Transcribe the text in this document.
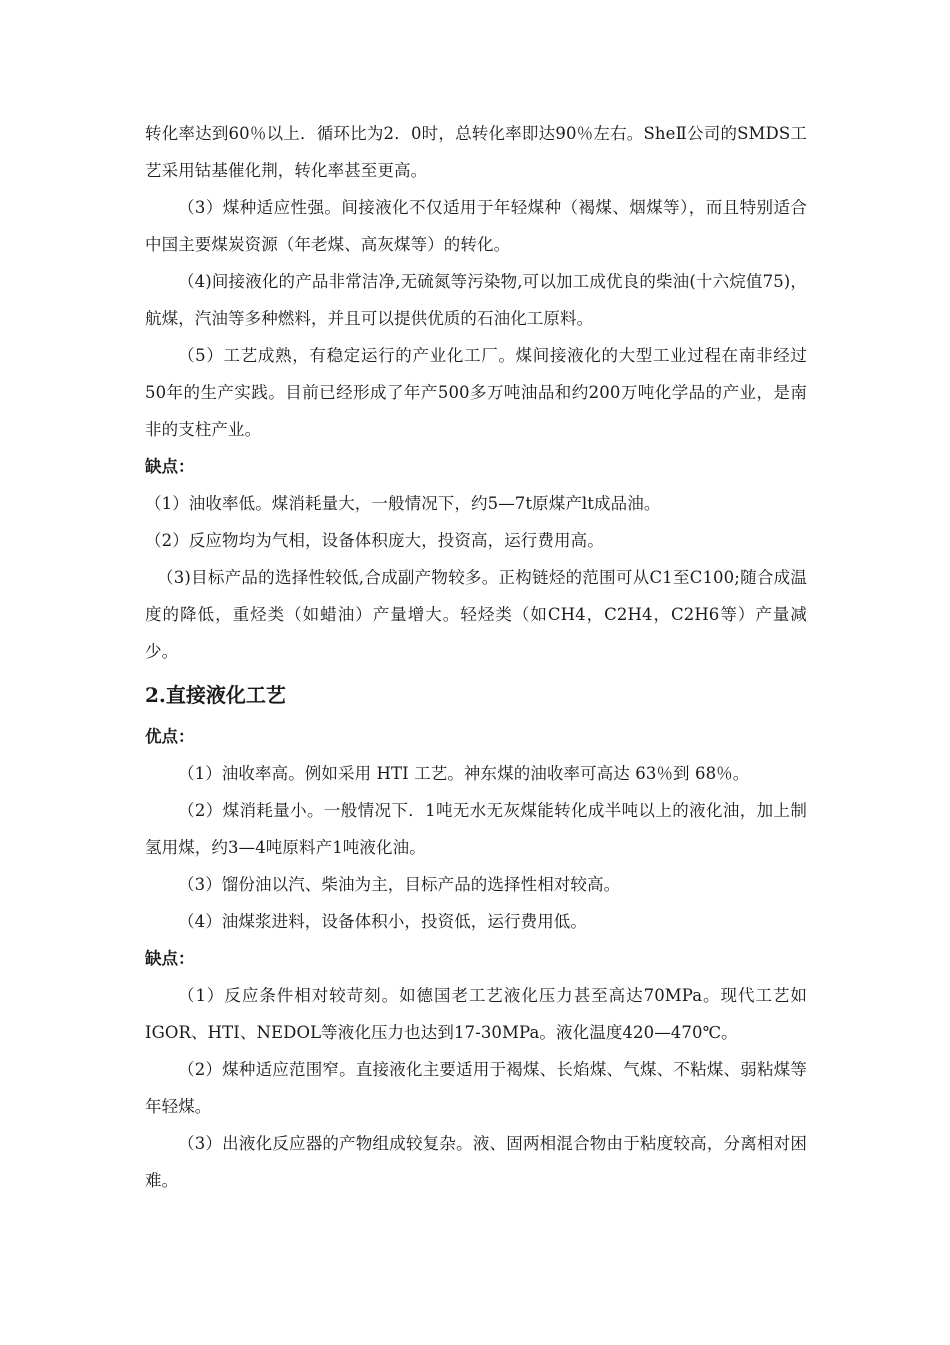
转化率达到60％以上．循环比为2．0时，总转化率即达90％左右。SheⅡ公司的SMDS工艺采用钴基催化荆，转化率甚至更高。

（3）煤种适应性强。间接液化不仅适用于年轻煤种（褐煤、烟煤等），而且特别适合中国主要煤炭资源（年老煤、高灰煤等）的转化。

（4)间接液化的产品非常洁净,无硫氮等污染物,可以加工成优良的柴油(十六烷值75)，航煤，汽油等多种燃料，并且可以提供优质的石油化工原料。

（5）工艺成熟，有稳定运行的产业化工厂。煤间接液化的大型工业过程在南非经过50年的生产实践。目前已经形成了年产500多万吨油品和约200万吨化学品的产业，是南非的支柱产业。

缺点：

（1）油收率低。煤消耗量大，一般情况下，约5—7t原煤产lt成品油。

（2）反应物均为气相，设备体积庞大，投资高，运行费用高。

（3)目标产品的选择性较低,合成副产物较多。正构链烃的范围可从C1至C100;随合成温度的降低，重烃类（如蜡油）产量增大。轻烃类（如CH4，C2H4，C2H6等）产量减少。

2.直接液化工艺

优点：

（1）油收率高。例如采用 HTI 工艺。神东煤的油收率可高达 63％到 68％。

（2）煤消耗量小。一般情况下．1吨无水无灰煤能转化成半吨以上的液化油，加上制氢用煤，约3—4吨原料产1吨液化油。

（3）馏份油以汽、柴油为主，目标产品的选择性相对较高。

（4）油煤浆进料，设备体积小，投资低，运行费用低。

缺点：

（1）反应条件相对较苛刻。如德国老工艺液化压力甚至高达70MPa。现代工艺如IGOR、HTI、NEDOL等液化压力也达到17-30MPa。液化温度420—470℃。

（2）煤种适应范围窄。直接液化主要适用于褐煤、长焰煤、气煤、不粘煤、弱粘煤等年轻煤。

（3）出液化反应器的产物组成较复杂。液、固两相混合物由于粘度较高，分离相对困难。
